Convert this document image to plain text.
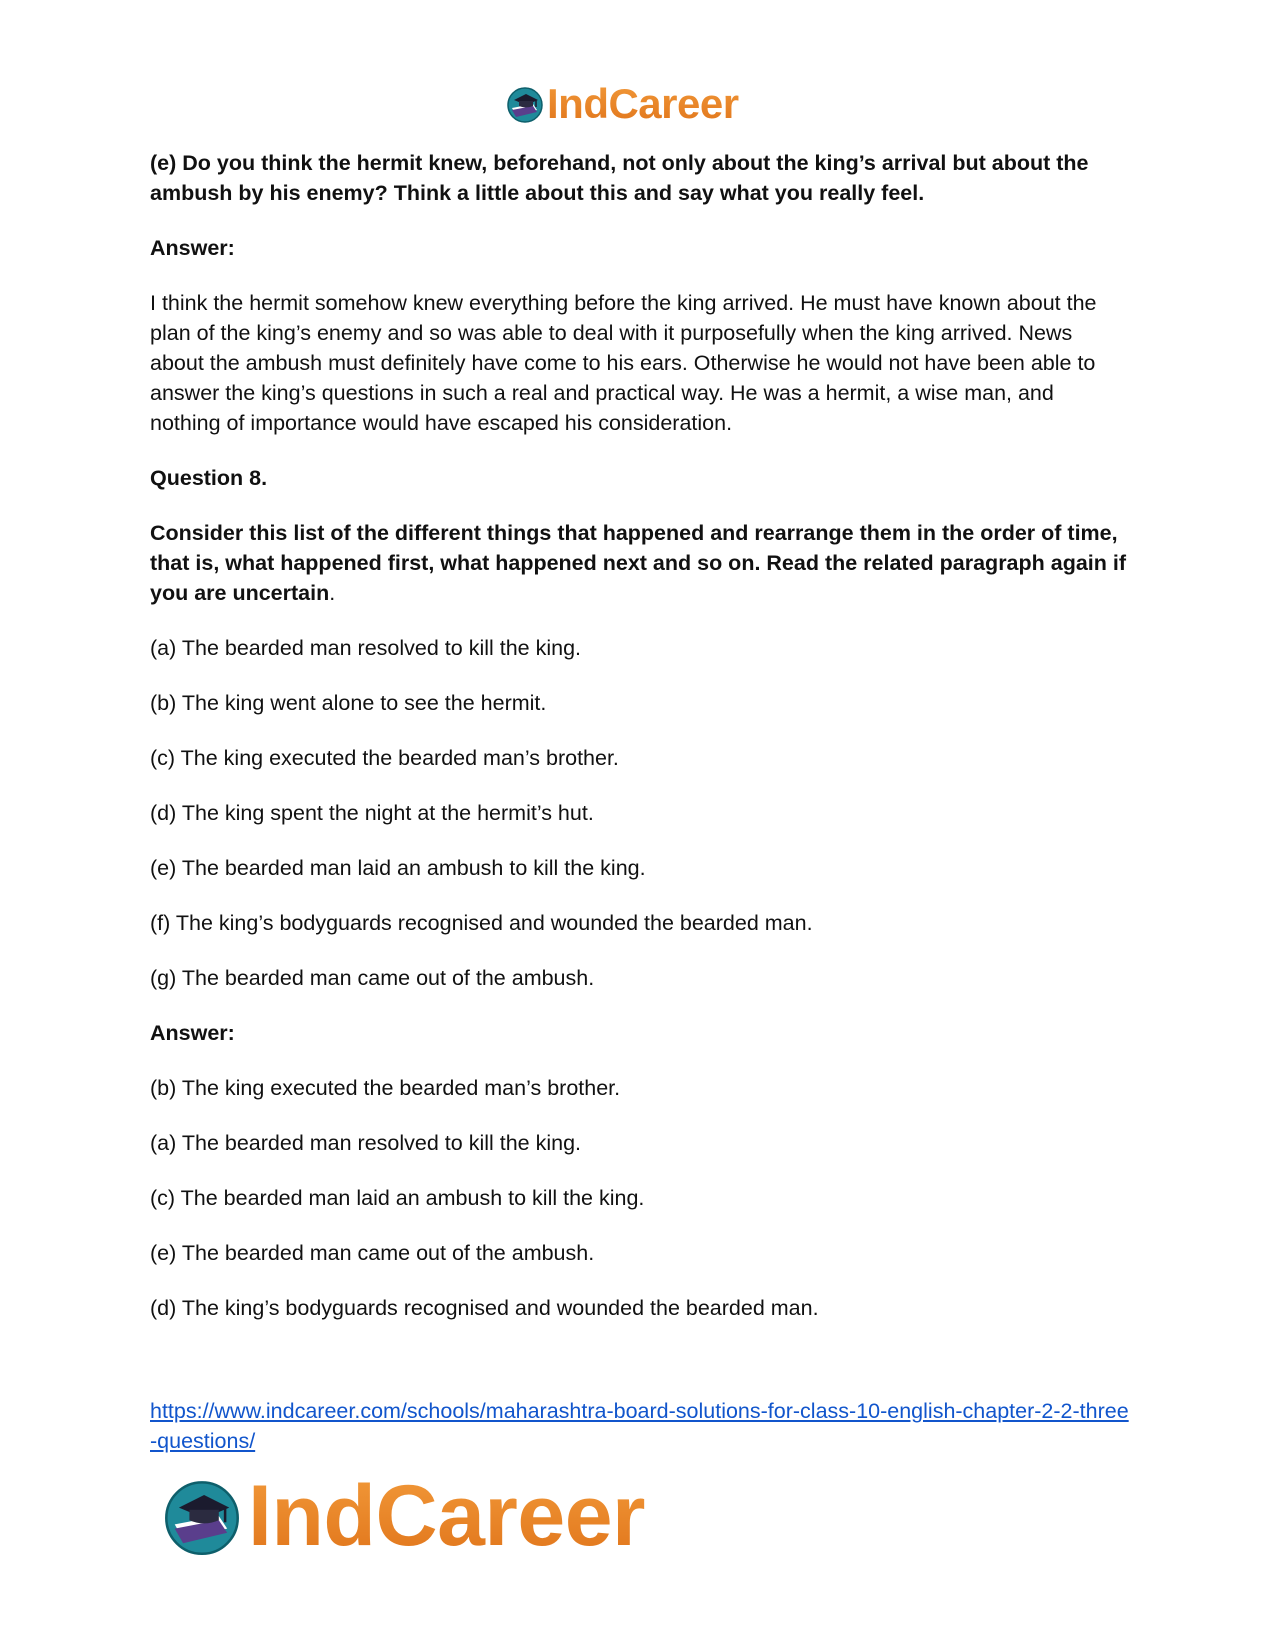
IndCareer

(e) Do you think the hermit knew, beforehand, not only about the king’s arrival but about the ambush by his enemy? Think a little about this and say what you really feel.

Answer:

I think the hermit somehow knew everything before the king arrived. He must have known about the plan of the king’s enemy and so was able to deal with it purposefully when the king arrived. News about the ambush must definitely have come to his ears. Otherwise he would not have been able to answer the king’s questions in such a real and practical way. He was a hermit, a wise man, and nothing of importance would have escaped his consideration.

Question 8.

Consider this list of the different things that happened and rearrange them in the order of time, that is, what happened first, what happened next and so on. Read the related paragraph again if you are uncertain.

(a) The bearded man resolved to kill the king.
(b) The king went alone to see the hermit.
(c) The king executed the bearded man’s brother.
(d) The king spent the night at the hermit’s hut.
(e) The bearded man laid an ambush to kill the king.
(f) The king’s bodyguards recognised and wounded the bearded man.
(g) The bearded man came out of the ambush.

Answer:

(b) The king executed the bearded man’s brother.
(a) The bearded man resolved to kill the king.
(c) The bearded man laid an ambush to kill the king.
(e) The bearded man came out of the ambush.
(d) The king’s bodyguards recognised and wounded the bearded man.
https://www.indcareer.com/schools/maharashtra-board-solutions-for-class-10-english-chapter-2-2-three-questions/
IndCareer
